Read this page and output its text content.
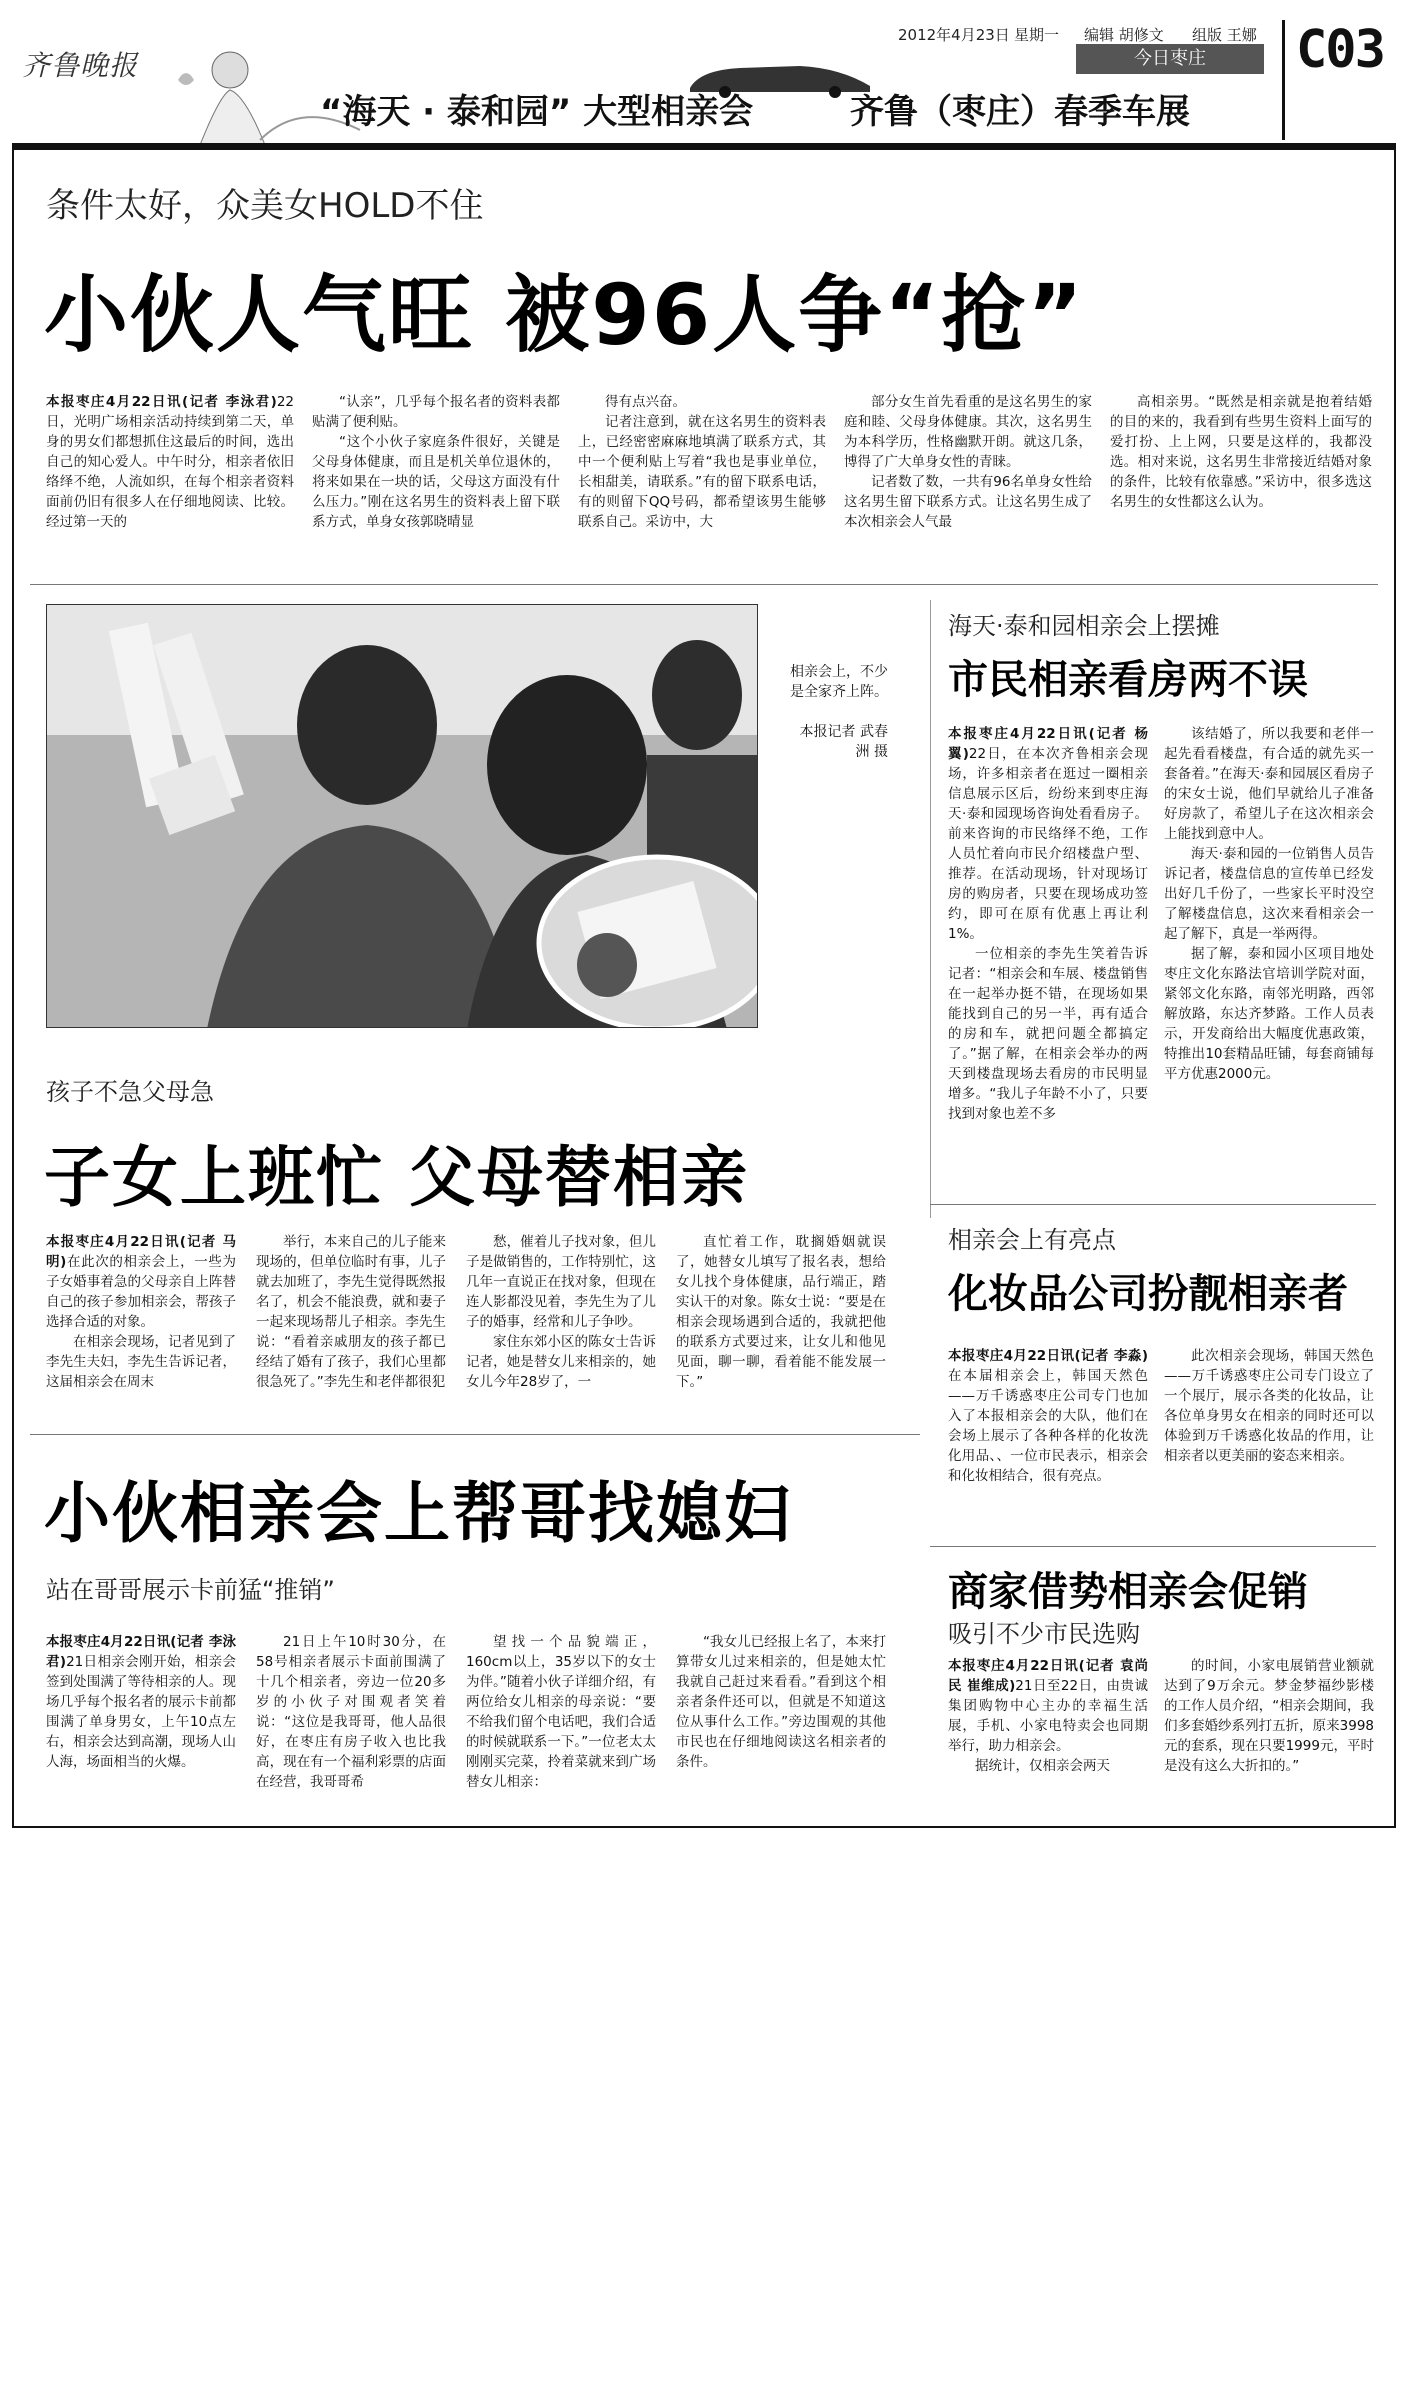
齐鲁晚报
2012年4月23日 星期一 编辑 胡修文 组版 王娜
今日枣庄	C03
“海天 · 泰和园” 大型相亲会	齐鲁（枣庄）春季车展
条件太好，众美女HOLD不住
小伙人气旺 被96人争“抢”

本报枣庄4月22日讯(记者 李泳君)22日，光明广场相亲活动持续到第二天，单身的男女们都想抓住这最后的时间，选出自己的知心爱人。中午时分，相亲者依旧络绎不绝，人流如织，在每个相亲者资料面前仍旧有很多人在仔细地阅读、比较。经过第一天的

“认亲”，几乎每个报名者的资料表都贴满了便利贴。

“这个小伙子家庭条件很好，关键是父母身体健康，而且是机关单位退休的，将来如果在一块的话，父母这方面没有什么压力。”刚在这名男生的资料表上留下联系方式，单身女孩郭晓晴显

得有点兴奋。

记者注意到，就在这名男生的资料表上，已经密密麻麻地填满了联系方式，其中一个便利贴上写着“我也是事业单位，长相甜美，请联系。”有的留下联系电话，有的则留下QQ号码，都希望该男生能够联系自己。采访中，大

部分女生首先看重的是这名男生的家庭和睦、父母身体健康。其次，这名男生为本科学历，性格幽默开朗。就这几条，博得了广大单身女性的青睐。

记者数了数，一共有96名单身女性给这名男生留下联系方式。让这名男生成了本次相亲会人气最

高相亲男。“既然是相亲就是抱着结婚的目的来的，我看到有些男生资料上面写的爱打扮、上上网，只要是这样的，我都没选。相对来说，这名男生非常接近结婚对象的条件，比较有依靠感。”采访中，很多选这名男生的女性都这么认为。

相亲会上，不少是全家齐上阵。
本报记者 武春洲 摄
海天·泰和园相亲会上摆摊
市民相亲看房两不误

本报枣庄4月22日讯(记者 杨翼)22日，在本次齐鲁相亲会现场，许多相亲者在逛过一圈相亲信息展示区后，纷纷来到枣庄海天·泰和园现场咨询处看看房子。前来咨询的市民络绎不绝，工作人员忙着向市民介绍楼盘户型、推荐。在活动现场，针对现场订房的购房者，只要在现场成功签约，即可在原有优惠上再让利1%。
一位相亲的李先生笑着告诉记者：“相亲会和车展、楼盘销售在一起举办挺不错，在现场如果能找到自己的另一半，再有适合的房和车，就把问题全都搞定了。”据了解，在相亲会举办的两天到楼盘现场去看房的市民明显增多。“我儿子年龄不小了，只要找到对象也差不多

该结婚了，所以我要和老伴一起先看看楼盘，有合适的就先买一套备着。”在海天·泰和园展区看房子的宋女士说，他们早就给儿子准备好房款了，希望儿子在这次相亲会上能找到意中人。

海天·泰和园的一位销售人员告诉记者，楼盘信息的宣传单已经发出好几千份了，一些家长平时没空了解楼盘信息，这次来看相亲会一起了解下，真是一举两得。

据了解，泰和园小区项目地处枣庄文化东路法官培训学院对面，紧邻文化东路，南邻光明路，西邻解放路，东达齐梦路。工作人员表示，开发商给出大幅度优惠政策，特推出10套精品旺铺，每套商铺每平方优惠2000元。

孩子不急父母急
子女上班忙 父母替相亲

本报枣庄4月22日讯(记者 马明)在此次的相亲会上，一些为子女婚事着急的父母亲自上阵替自己的孩子参加相亲会，帮孩子选择合适的对象。
在相亲会现场，记者见到了李先生夫妇，李先生告诉记者，这届相亲会在周末

举行，本来自己的儿子能来现场的，但单位临时有事，儿子就去加班了，李先生觉得既然报名了，机会不能浪费，就和妻子一起来现场帮儿子相亲。李先生说：“看着亲戚朋友的孩子都已经结了婚有了孩子，我们心里都很急死了。”李先生和老伴都很犯

愁，催着儿子找对象，但儿子是做销售的，工作特别忙，这几年一直说正在找对象，但现在连人影都没见着，李先生为了儿子的婚事，经常和儿子争吵。

家住东郊小区的陈女士告诉记者，她是替女儿来相亲的，她女儿今年28岁了，一

直忙着工作，耽搁婚姻就误了，她替女儿填写了报名表，想给女儿找个身体健康，品行端正，踏实认干的对象。陈女士说：“要是在相亲会现场遇到合适的，我就把他的联系方式要过来，让女儿和他见见面，聊一聊，看着能不能发展一下。”

相亲会上有亮点
化妆品公司扮靓相亲者

本报枣庄4月22日讯(记者 李淼)在本届相亲会上，韩国天然色——万千诱惑枣庄公司专门也加入了本报相亲会的大队，他们在会场上展示了各种各样的化妆洗化用品、、一位市民表示，相亲会和化妆相结合，很有亮点。

此次相亲会现场，韩国天然色——万千诱惑枣庄公司专门设立了一个展厅，展示各类的化妆品，让各位单身男女在相亲的同时还可以体验到万千诱惑化妆品的作用，让相亲者以更美丽的姿态来相亲。

小伙相亲会上帮哥找媳妇
站在哥哥展示卡前猛“推销”

本报枣庄4月22日讯(记者 李泳君)21日相亲会刚开始，相亲会签到处围满了等待相亲的人。现场几乎每个报名者的展示卡前都围满了单身男女，上午10点左右，相亲会达到高潮，现场人山人海，场面相当的火爆。

21日上午10时30分，在58号相亲者展示卡面前围满了十几个相亲者，旁边一位20多岁的小伙子对围观者笑着说：“这位是我哥哥，他人品很好，在枣庄有房子收入也比我高，现在有一个福利彩票的店面在经营，我哥哥希

望找一个品貌端正，160cm以上，35岁以下的女士为伴。”随着小伙子详细介绍，有两位给女儿相亲的母亲说：“要不给我们留个电话吧，我们合适的时候就联系一下。”一位老太太刚刚买完菜，拎着菜就来到广场替女儿相亲：

“我女儿已经报上名了，本来打算带女儿过来相亲的，但是她太忙我就自己赶过来看看。”看到这个相亲者条件还可以，但就是不知道这位从事什么工作。”旁边围观的其他市民也在仔细地阅读这名相亲者的条件。

商家借势相亲会促销
吸引不少市民选购

本报枣庄4月22日讯(记者 袁尚民 崔维成)21日至22日，由贵诚集团购物中心主办的幸福生活展，手机、小家电特卖会也同期举行，助力相亲会。
据统计，仅相亲会两天

的时间，小家电展销营业额就达到了9万余元。梦金梦福纱影楼的工作人员介绍，“相亲会期间，我们多套婚纱系列打五折，原来3998元的套系，现在只要1999元，平时是没有这么大折扣的。”
